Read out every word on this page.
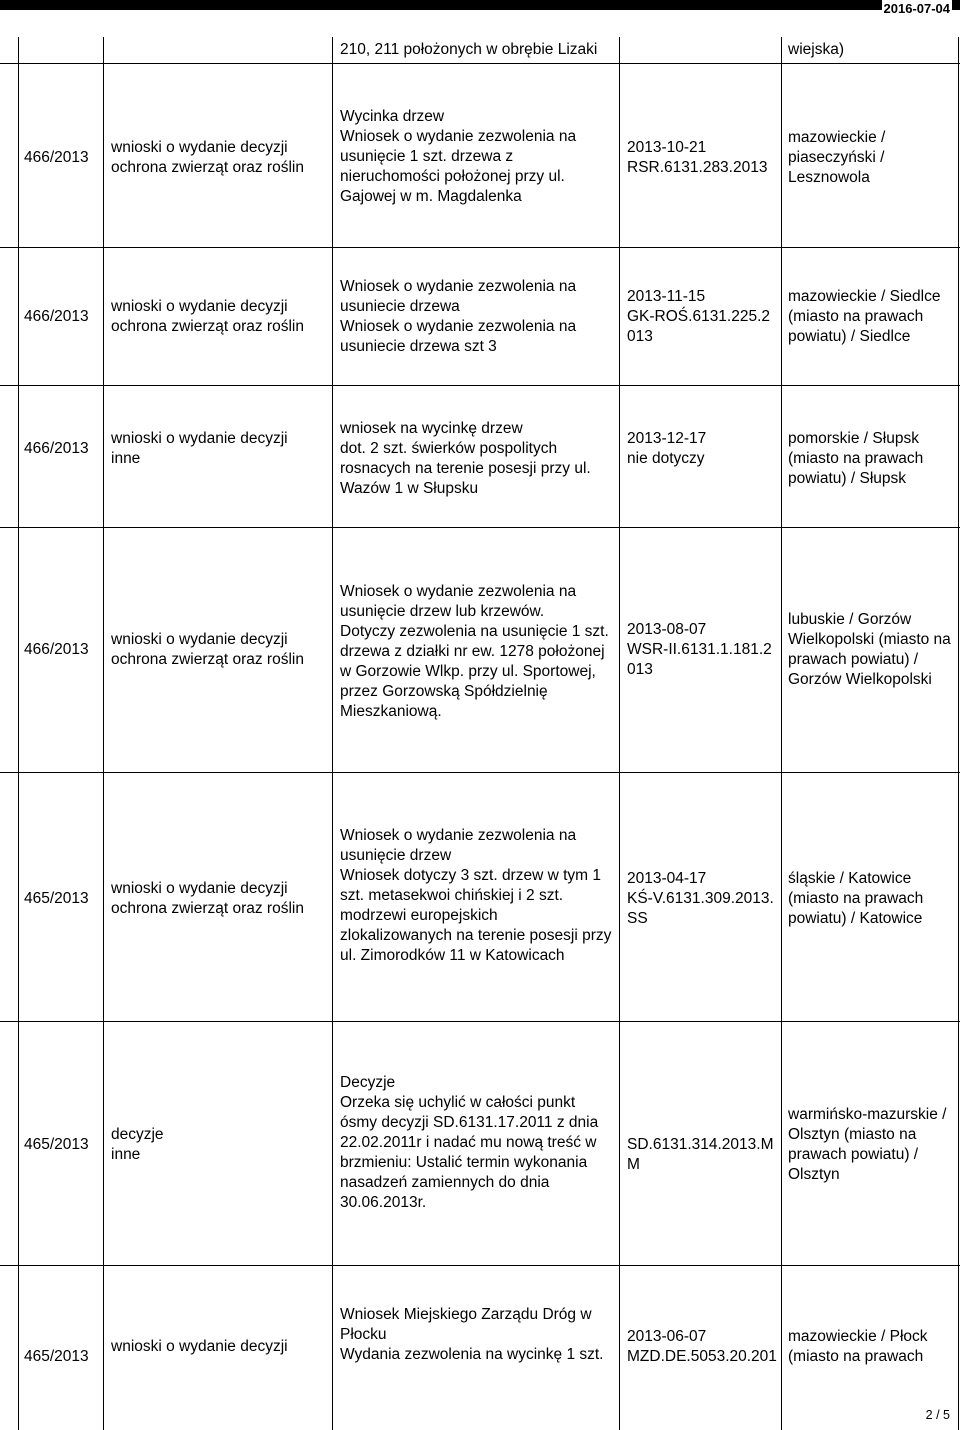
2016-07-04
210, 211 położonych w obrębie Lizaki	wiejska)
466/2013
wnioski o wydanie decyzji
ochrona zwierząt oraz roślin
Wycinka drzew
Wniosek o wydanie zezwolenia na
usunięcie 1 szt. drzewa z
nieruchomości położonej przy ul.
Gajowej w m. Magdalenka
2013-10-21
RSR.6131.283.2013
mazowieckie /
piaseczyński /
Lesznowola
466/2013
wnioski o wydanie decyzji
ochrona zwierząt oraz roślin
Wniosek o wydanie zezwolenia na
usuniecie drzewa
Wniosek o wydanie zezwolenia na
usuniecie drzewa szt 3
2013-11-15
GK-ROŚ.6131.225.2
013
mazowieckie / Siedlce
(miasto na prawach
powiatu) / Siedlce
466/2013
wnioski o wydanie decyzji
inne
wniosek na wycinkę drzew
dot. 2 szt. świerków pospolitych
rosnacych na terenie posesji przy ul.
Wazów 1 w Słupsku
2013-12-17
nie dotyczy
pomorskie / Słupsk
(miasto na prawach
powiatu) / Słupsk
466/2013
wnioski o wydanie decyzji
ochrona zwierząt oraz roślin
Wniosek o wydanie zezwolenia na
usunięcie drzew lub krzewów.
Dotyczy zezwolenia na usunięcie 1 szt.
drzewa z działki nr ew. 1278 położonej
w Gorzowie Wlkp. przy ul. Sportowej,
przez Gorzowską Spółdzielnię
Mieszkaniową.
2013-08-07
WSR-II.6131.1.181.2
013
lubuskie / Gorzów
Wielkopolski (miasto na
prawach powiatu) /
Gorzów Wielkopolski
465/2013
wnioski o wydanie decyzji
ochrona zwierząt oraz roślin
Wniosek o wydanie zezwolenia na
usunięcie drzew
Wniosek dotyczy 3 szt. drzew w tym 1
szt. metasekwoi chińskiej i 2 szt.
modrzewi europejskich
zlokalizowanych na terenie posesji przy
ul. Zimorodków 11 w Katowicach
2013-04-17
KŚ-V.6131.309.2013.
SS
śląskie / Katowice
(miasto na prawach
powiatu) / Katowice
465/2013
decyzje
inne
Decyzje
Orzeka się uchylić w całości punkt
ósmy decyzji SD.6131.17.2011 z dnia
22.02.2011r i nadać mu nową treść w
brzmieniu: Ustalić termin wykonania
nasadzeń zamiennych do dnia
30.06.2013r.
SD.6131.314.2013.M
M
warmińsko-mazurskie /
Olsztyn (miasto na
prawach powiatu) /
Olsztyn
465/2013
wnioski o wydanie decyzji
Wniosek Miejskiego Zarządu Dróg w
Płocku
Wydania zezwolenia na wycinkę 1 szt.
2013-06-07
MZD.DE.5053.20.201
mazowieckie / Płock
(miasto na prawach
2 / 5
